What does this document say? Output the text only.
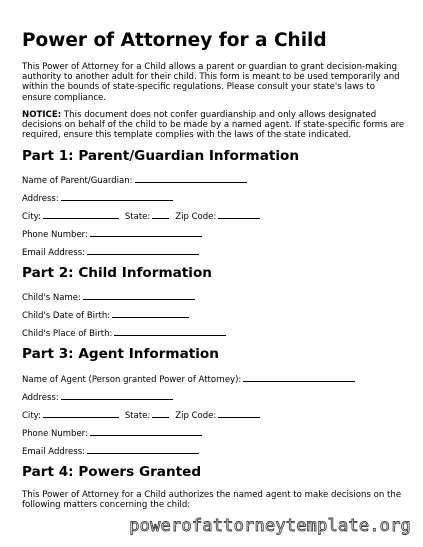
Power of Attorney for a Child

This Power of Attorney for a Child allows a parent or guardian to grant decision-making authority to another adult for their child. This form is meant to be used temporarily and within the bounds of state-specific regulations. Please consult your state's laws to ensure compliance.

NOTICE: This document does not confer guardianship and only allows designated decisions on behalf of the child to be made by a named agent. If state-specific forms are required, ensure this template complies with the laws of the state indicated.

Part 1: Parent/Guardian Information
Name of Parent/Guardian:
Address:
City:	State:	Zip Code:
Phone Number:
Email Address:
Part 2: Child Information
Child's Name:
Child's Date of Birth:
Child's Place of Birth:
Part 3: Agent Information
Name of Agent (Person granted Power of Attorney):
Address:
City:	State:	Zip Code:
Phone Number:
Email Address:
Part 4: Powers Granted

This Power of Attorney for a Child authorizes the named agent to make decisions on the following matters concerning the child:

powerofattorneytemplate.org
